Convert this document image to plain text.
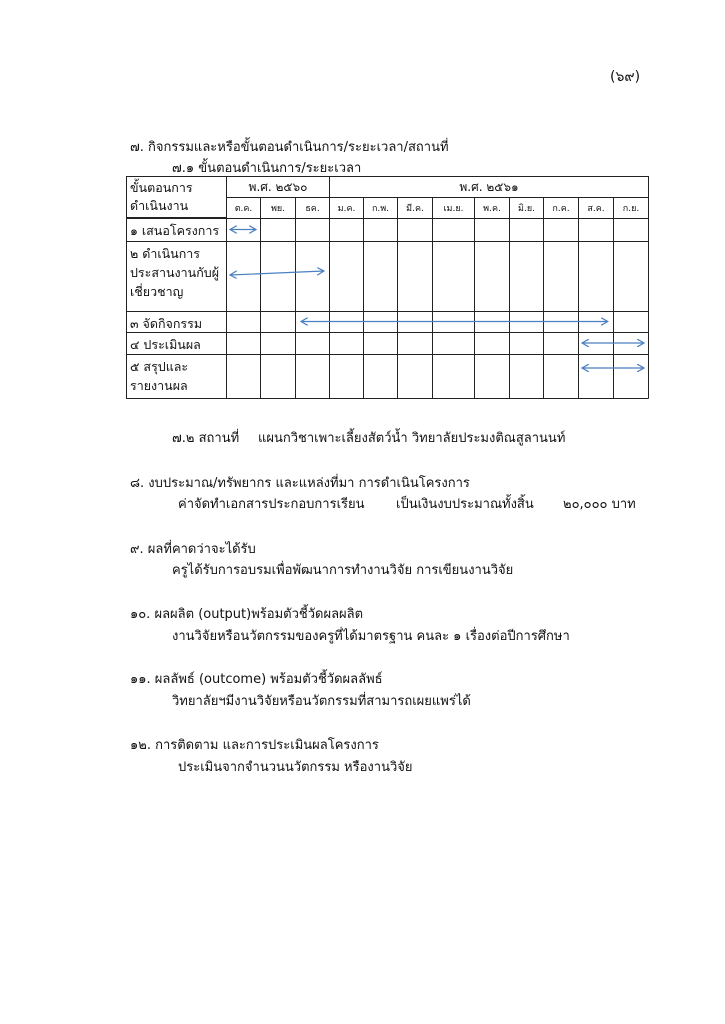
(๖๙)
๗. กิจกรรมและหรือขั้นตอนดำเนินการ/ระยะเวลา/สถานที่
๗.๑ ขั้นตอนดำเนินการ/ระยะเวลา
ขั้นตอนการ
ดำเนินงาน
พ.ศ. ๒๕๖๐	พ.ศ. ๒๕๖๑
ต.ค.	พย.	ธค.	ม.ค.	ก.พ.	มี.ค.	เม.ย.	พ.ค.	มิ.ย.	ก.ค.	ส.ค.	ก.ย.
๑ เสนอโครงการ
๒ ดำเนินการประสานงานกับผู้เชี่ยวชาญ
๓ จัดกิจกรรม
๔ ประเมินผล
๕ สรุปและรายงานผล
๗.๒ สถานที่ แผนกวิชาเพาะเลี้ยงสัตว์น้ำ วิทยาลัยประมงติณสูลานนท์
๘. งบประมาณ/ทรัพยากร และแหล่งที่มา การดำเนินโครงการ
ค่าจัดทำเอกสารประกอบการเรียน เป็นเงินงบประมาณทั้งสิ้น ๒๐,๐๐๐ บาท
๙. ผลที่คาดว่าจะได้รับ
ครูได้รับการอบรมเพื่อพัฒนาการทำงานวิจัย การเขียนงานวิจัย
๑๐. ผลผลิต (output)พร้อมตัวชี้วัดผลผลิต
งานวิจัยหรือนวัตกรรมของครูที่ได้มาตรฐาน คนละ ๑ เรื่องต่อปีการศึกษา
๑๑. ผลลัพธ์ (outcome) พร้อมตัวชี้วัดผลลัพธ์
วิทยาลัยฯมีงานวิจัยหรือนวัตกรรมที่สามารถเผยแพร่ได้
๑๒. การติดตาม และการประเมินผลโครงการ
ประเมินจากจำนวนนวัตกรรม หรืองานวิจัย
